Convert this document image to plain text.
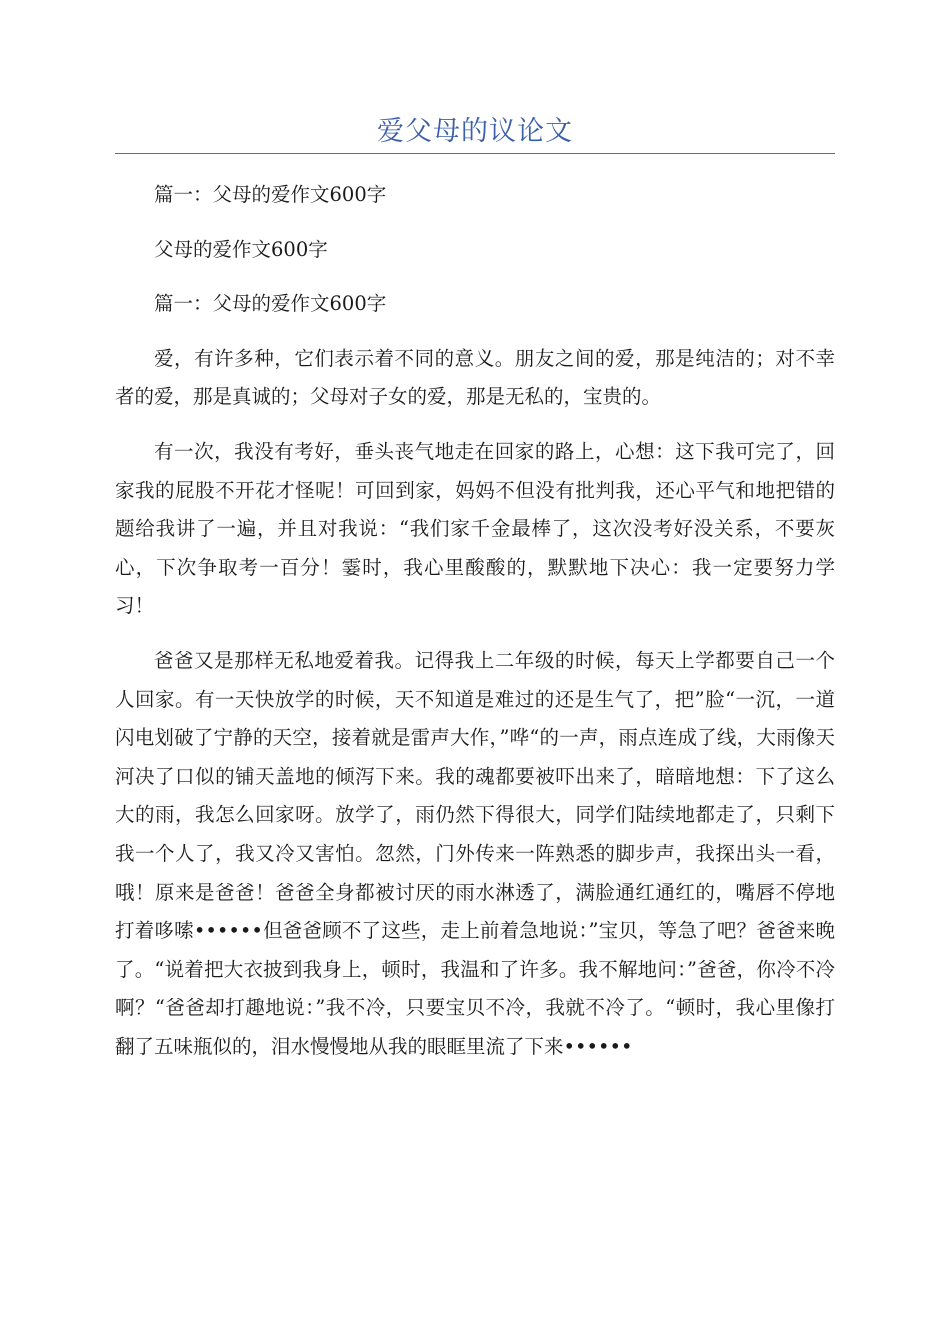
爱父母的议论文

篇一：父母的爱作文600字

父母的爱作文600字

篇一：父母的爱作文600字

爱，有许多种，它们表示着不同的意义。朋友之间的爱，那是纯洁的；对不幸者的爱，那是真诚的；父母对子女的爱，那是无私的，宝贵的。

有一次，我没有考好，垂头丧气地走在回家的路上，心想：这下我可完了，回家我的屁股不开花才怪呢！可回到家，妈妈不但没有批判我，还心平气和地把错的题给我讲了一遍，并且对我说：“我们家千金最棒了，这次没考好没关系，不要灰心，下次争取考一百分！霎时，我心里酸酸的，默默地下决心：我一定要努力学习！

爸爸又是那样无私地爱着我。记得我上二年级的时候，每天上学都要自己一个人回家。有一天快放学的时候，天不知道是难过的还是生气了，把”脸“一沉，一道闪电划破了宁静的天空，接着就是雷声大作，”哗“的一声，雨点连成了线，大雨像天河决了口似的铺天盖地的倾泻下来。我的魂都要被吓出来了，暗暗地想：下了这么大的雨，我怎么回家呀。放学了，雨仍然下得很大，同学们陆续地都走了，只剩下我一个人了，我又冷又害怕。忽然，门外传来一阵熟悉的脚步声，我探出头一看，哦！原来是爸爸！爸爸全身都被讨厌的雨水淋透了，满脸通红通红的，嘴唇不停地打着哆嗦••••••但爸爸顾不了这些，走上前着急地说：”宝贝，等急了吧？爸爸来晚了。“说着把大衣披到我身上，顿时，我温和了许多。我不解地问：”爸爸，你冷不冷啊？“爸爸却打趣地说：”我不冷，只要宝贝不冷，我就不冷了。“顿时，我心里像打翻了五味瓶似的，泪水慢慢地从我的眼眶里流了下来••••••
